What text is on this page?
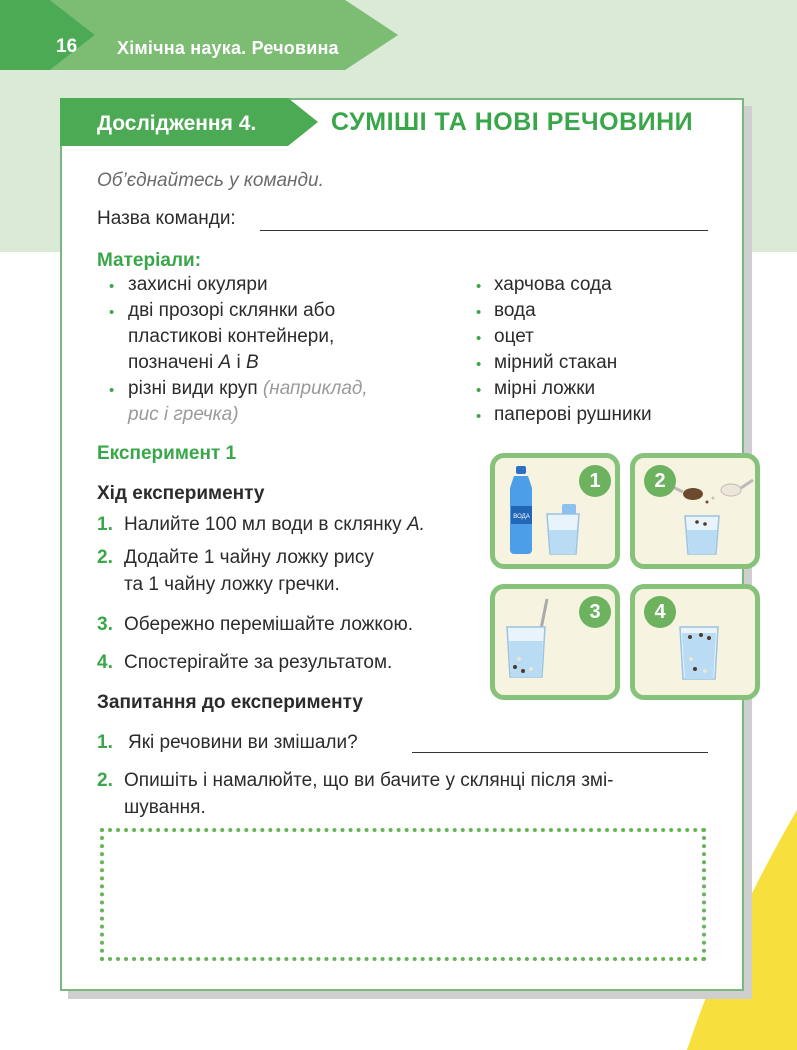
16 Хімічна наука. Речовина
Дослідження 4.	СУМІШІ ТА НОВІ РЕЧОВИНИ
Об’єднайтесь у команди.
Назва команди:
Матеріали:
• захисні окуляри
• дві прозорі склянки або
пластикові контейнери,
позначені A і B
• різні види круп (наприклад,
рис і гречка)
• харчова сода
• вода
• оцет
• мірний стакан
• мірні ложки
• паперові рушники
Експеримент 1
Хід експерименту
1. Налийте 100 мл води в склянку A.
2. Додайте 1 чайну ложку рису
та 1 чайну ложку гречки.
3. Обережно перемішайте ложкою.
4. Спостерігайте за результатом.
Запитання до експерименту
1. Які речовини ви змішали?
2. Опишіть і намалюйте, що ви бачите у склянці після змі-
шування.
ВОДА
1	2
3	4
